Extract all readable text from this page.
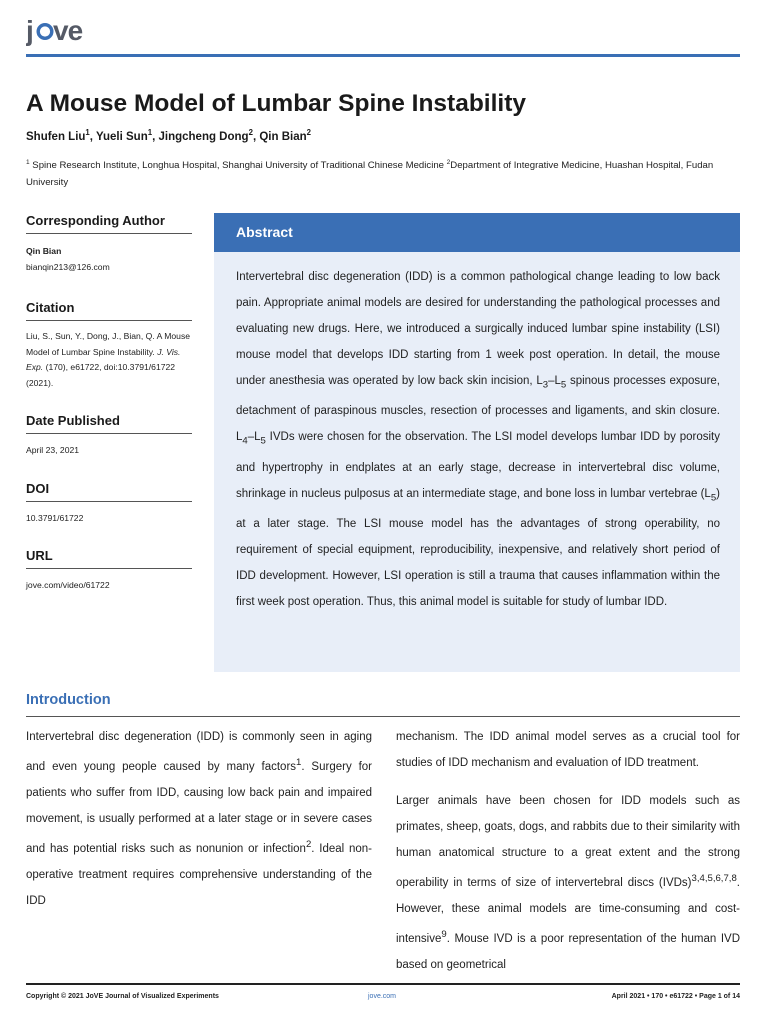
j ve
A Mouse Model of Lumbar Spine Instability
Shufen Liu$^1$, Yueli Sun$^1$, Jingcheng Dong$^2$, Qin Bian$^2$
$^1$ Spine Research Institute, Longhua Hospital, Shanghai University of Traditional Chinese Medicine $^2$Department of Integrative Medicine, Huashan Hospital, Fudan University
Corresponding Author
Qin Bian
bianqin213@126.com
Citation
Liu, S., Sun, Y., Dong, J., Bian, Q. A Mouse Model of Lumbar Spine Instability. J. Vis. Exp. (170), e61722, doi:10.3791/61722 (2021).
Date Published
April 23, 2021
DOI
10.3791/61722
URL
jove.com/video/61722
Abstract
Intervertebral disc degeneration (IDD) is a common pathological change leading to low back pain. Appropriate animal models are desired for understanding the pathological processes and evaluating new drugs. Here, we introduced a surgically induced lumbar spine instability (LSI) mouse model that develops IDD starting from 1 week post operation. In detail, the mouse under anesthesia was operated by low back skin incision, $L_3-L_5$ spinous processes exposure, detachment of paraspinous muscles, resection of processes and ligaments, and skin closure. $L_4-L_5$ IVDs were chosen for the observation. The LSI model develops lumbar IDD by porosity and hypertrophy in endplates at an early stage, decrease in intervertebral disc volume, shrinkage in nucleus pulposus at an intermediate stage, and bone loss in lumbar vertebrae $(L_5)$ at a later stage. The LSI mouse model has the advantages of strong operability, no requirement of special equipment, reproducibility, inexpensive, and relatively short period of IDD development. However, LSI operation is still a trauma that causes inflammation within the first week post operation. Thus, this animal model is suitable for study of lumbar IDD.
Introduction

Intervertebral disc degeneration (IDD) is commonly seen in aging and even young people caused by many factors$^1$. Surgery for patients who suffer from IDD, causing low back pain and impaired movement, is usually performed at a later stage or in severe cases and has potential risks such as nonunion or infection$^2$. Ideal non-operative treatment requires comprehensive understanding of the IDD

mechanism. The IDD animal model serves as a crucial tool for studies of IDD mechanism and evaluation of IDD treatment.

Larger animals have been chosen for IDD models such as primates, sheep, goats, dogs, and rabbits due to their similarity with human anatomical structure to a great extent and the strong operability in terms of size of intervertebral discs (IVDs)$^{3,4,5,6,7,8}$. However, these animal models are time-consuming and cost-intensive$^9$. Mouse IVD is a poor representation of the human IVD based on geometrical

Copyright © 2021 JoVE Journal of Visualized Experiments	jove.com	April 2021 • 170 • e61722 • Page 1 of 14
